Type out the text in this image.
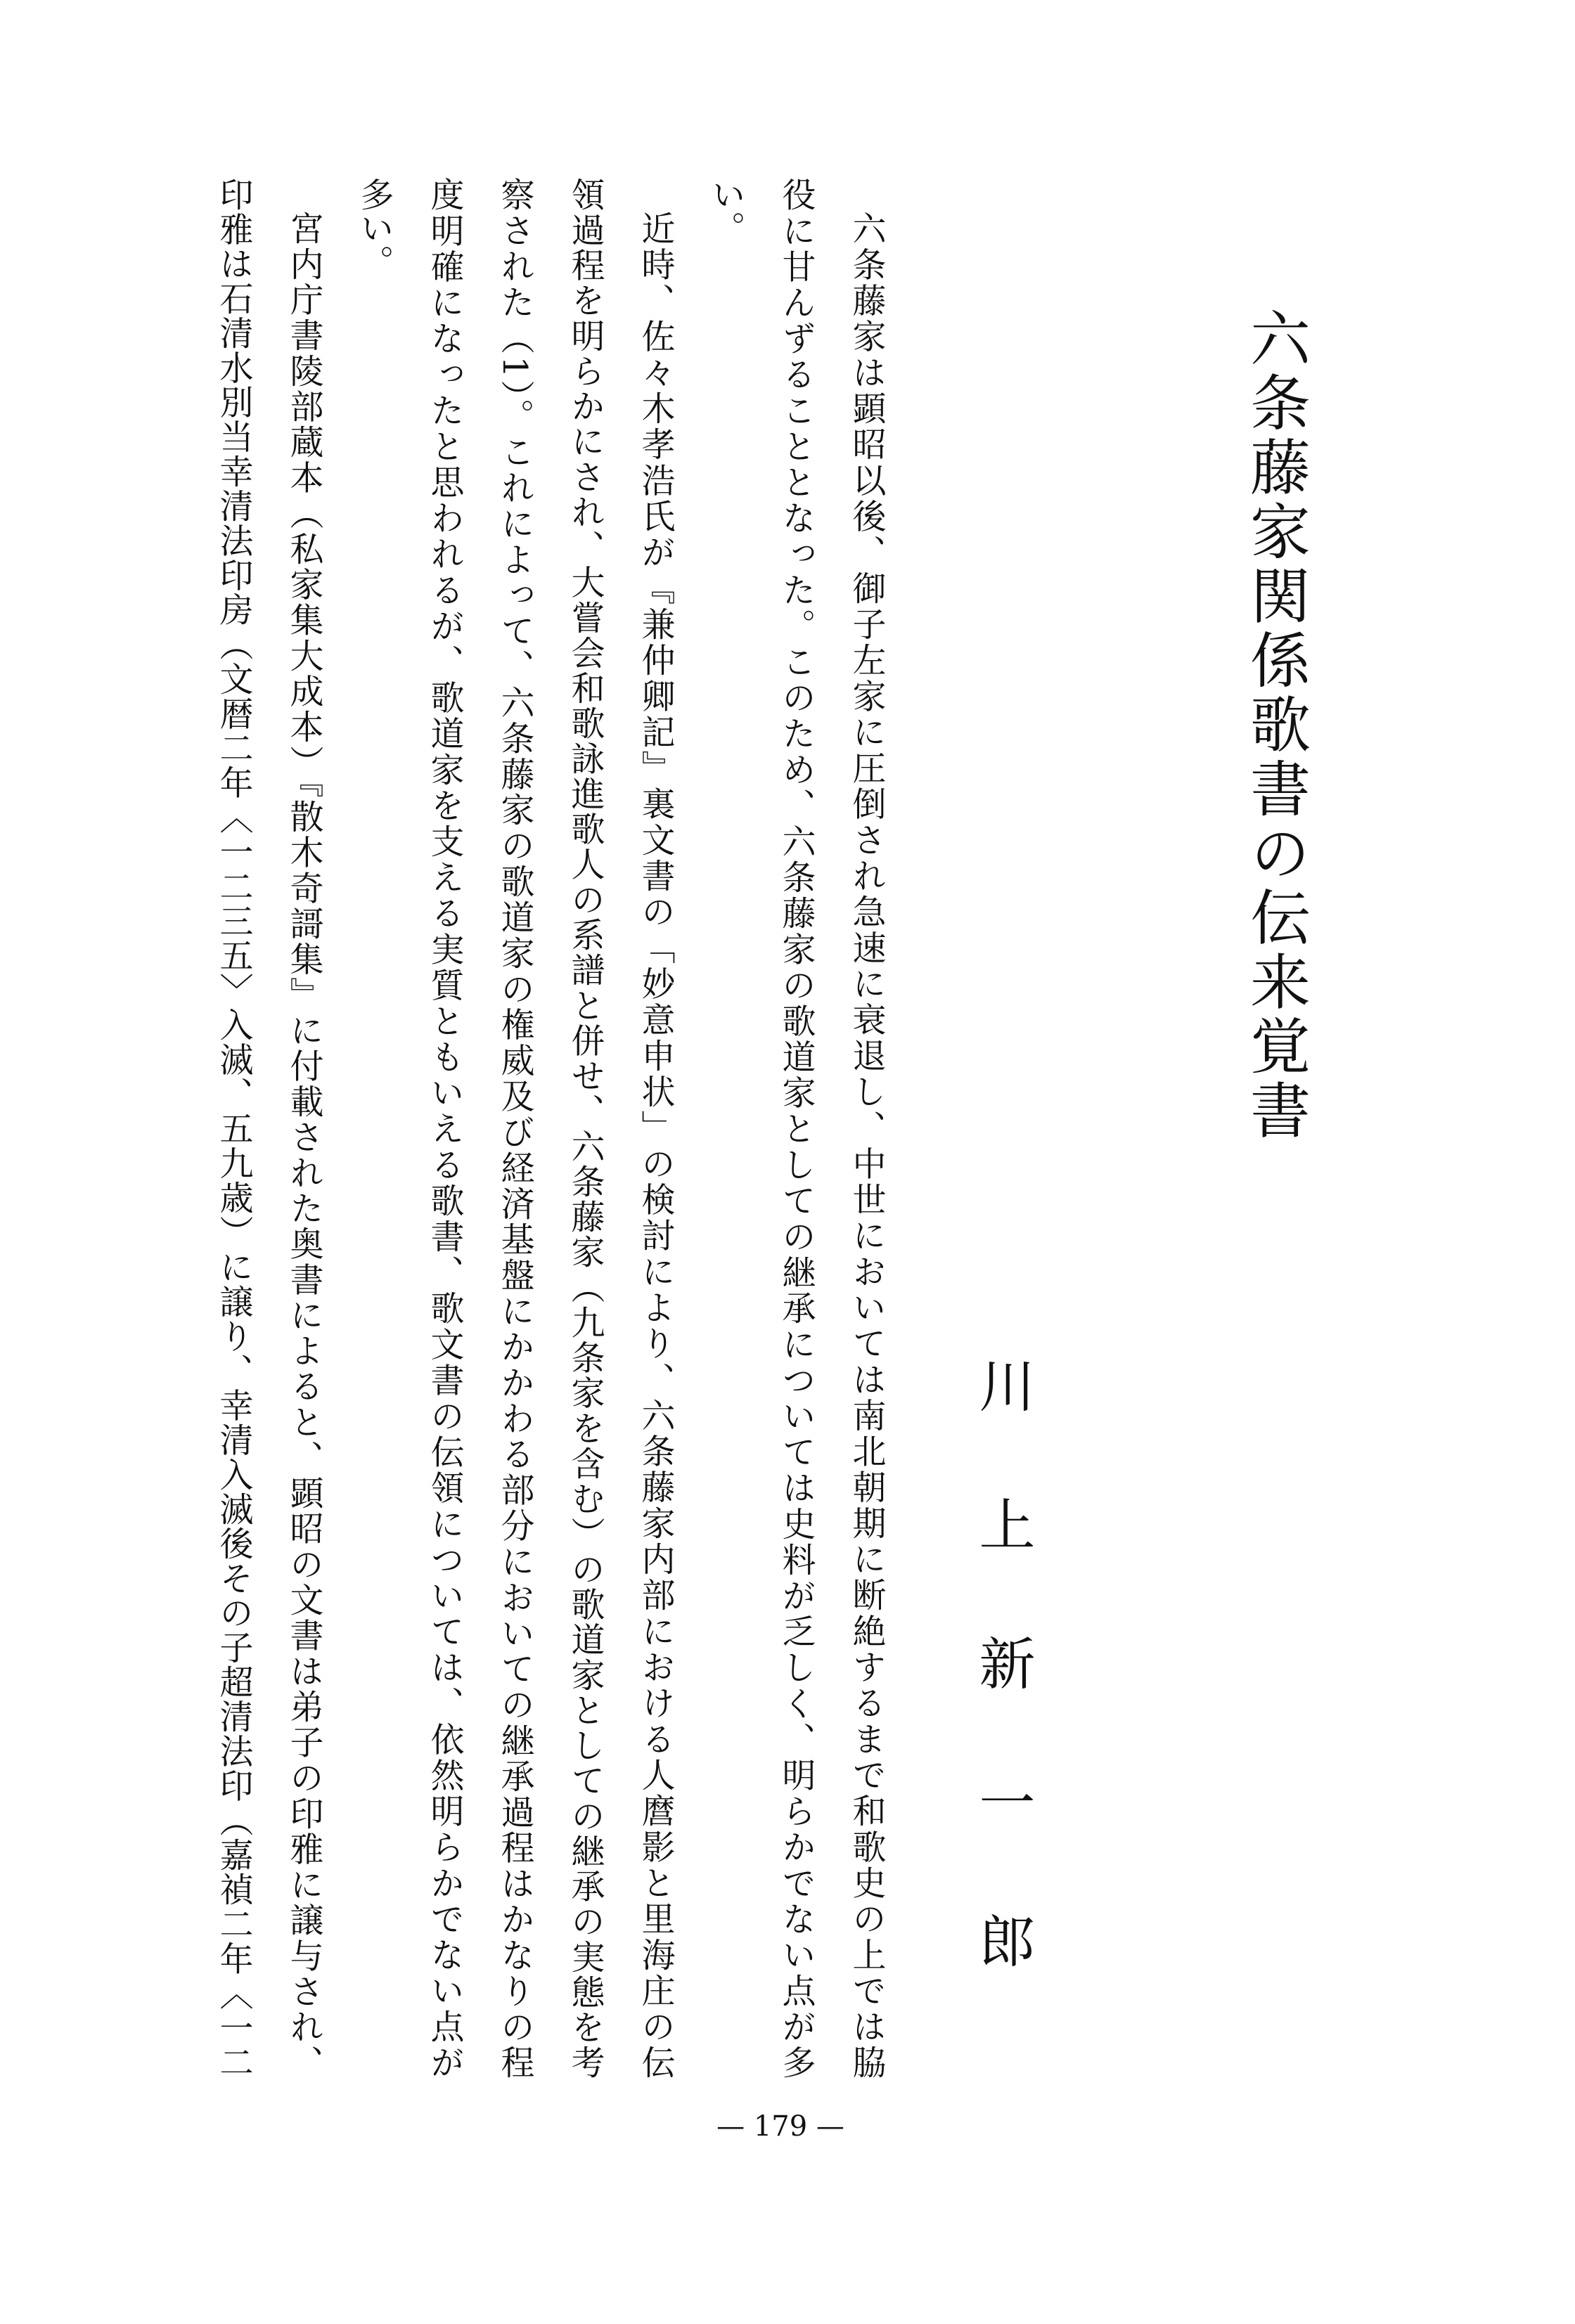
六条藤家関係歌書の伝来覚書
川上新一郎
六条藤家は顕昭以後、御子左家に圧倒され急速に衰退し、中世においては南北朝期に断絶するまで和歌史の上では脇
役に甘んずることとなった。このため、六条藤家の歌道家としての継承については史料が乏しく、明らかでない点が多
い。
近時、佐々木孝浩氏が『兼仲卿記』裏文書の「妙意申状」の検討により、六条藤家内部における人麿影と里海庄の伝
領過程を明らかにされ、大嘗会和歌詠進歌人の系譜と併せ、六条藤家（九条家を含む）の歌道家としての継承の実態を考
察された（1）。これによって、六条藤家の歌道家の権威及び経済基盤にかかわる部分においての継承過程はかなりの程
度明確になったと思われるが、歌道家を支える実質ともいえる歌書、歌文書の伝領については、依然明らかでない点が
多い。
宮内庁書陵部蔵本（私家集大成本）『散木奇謌集』に付載された奥書によると、顕昭の文書は弟子の印雅に譲与され、
印雅は石清水別当幸清法印房（文暦二年〈一二三五〉入滅、五九歳）に譲り、幸清入滅後その子超清法印（嘉禎二年〈一二
— 179 —
